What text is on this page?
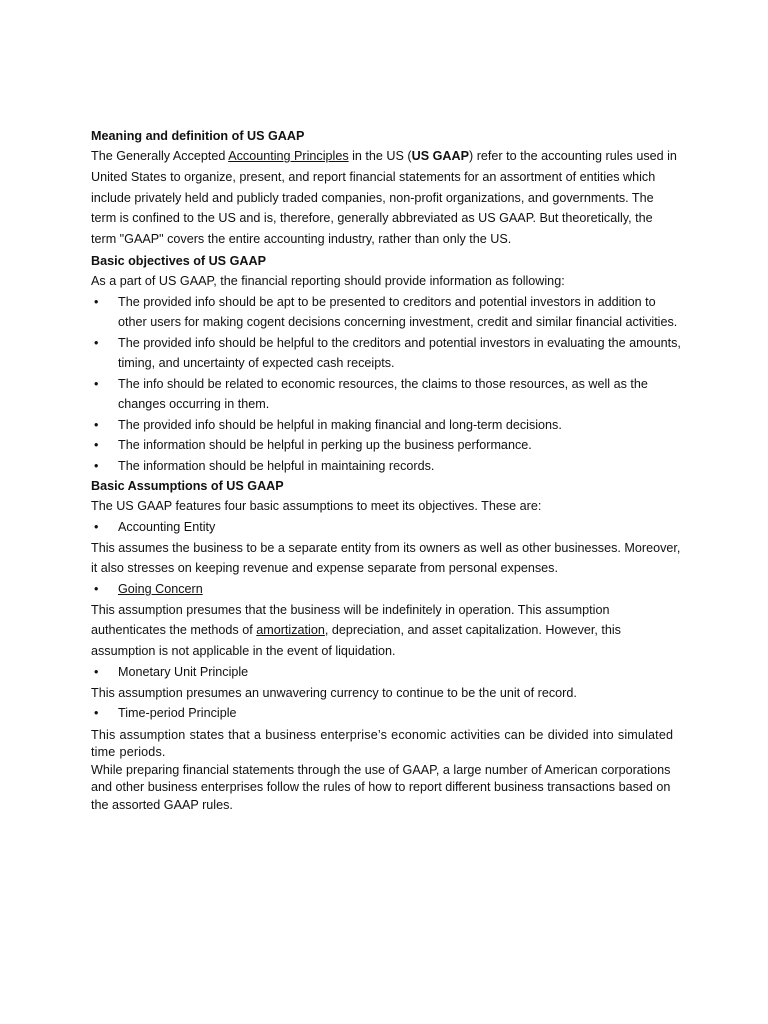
Meaning and definition of US GAAP

The Generally Accepted Accounting Principles in the US (US GAAP) refer to the accounting rules used in United States to organize, present, and report financial statements for an assortment of entities which include privately held and publicly traded companies, non-profit organizations, and governments. The term is confined to the US and is, therefore, generally abbreviated as US GAAP. But theoretically, the term "GAAP" covers the entire accounting industry, rather than only the US.

Basic objectives of US GAAP

As a part of US GAAP, the financial reporting should provide information as following:

• The provided info should be apt to be presented to creditors and potential investors in addition to other users for making cogent decisions concerning investment, credit and similar financial activities.
• The provided info should be helpful to the creditors and potential investors in evaluating the amounts, timing, and uncertainty of expected cash receipts.
• The info should be related to economic resources, the claims to those resources, as well as the changes occurring in them.
• The provided info should be helpful in making financial and long-term decisions.
• The information should be helpful in perking up the business performance.
• The information should be helpful in maintaining records.
Basic Assumptions of US GAAP

The US GAAP features four basic assumptions to meet its objectives. These are:

• Accounting Entity

This assumes the business to be a separate entity from its owners as well as other businesses. Moreover, it also stresses on keeping revenue and expense separate from personal expenses.

• Going Concern

This assumption presumes that the business will be indefinitely in operation. This assumption authenticates the methods of amortization, depreciation, and asset capitalization. However, this assumption is not applicable in the event of liquidation.

• Monetary Unit Principle

This assumption presumes an unwavering currency to continue to be the unit of record.

• Time-period Principle

This assumption states that a business enterprise’s economic activities can be divided into simulated time periods.

While preparing financial statements through the use of GAAP, a large number of American corporations and other business enterprises follow the rules of how to report different business transactions based on the assorted GAAP rules.
